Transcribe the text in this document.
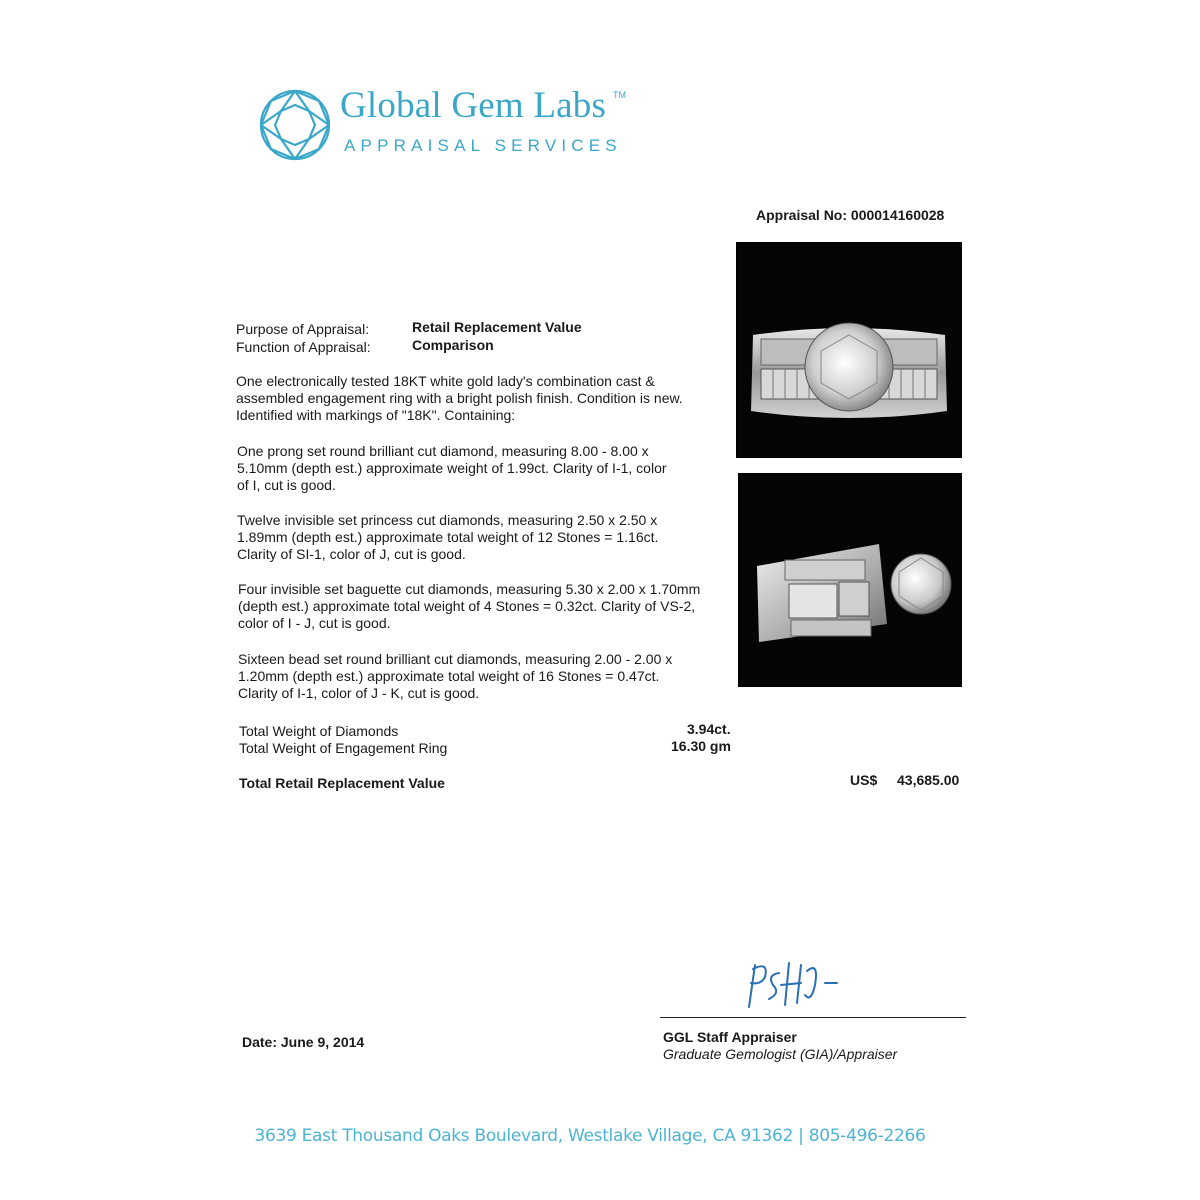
Global Gem Labs TM
APPRAISAL SERVICES
Appraisal No: 000014160028
Purpose of Appraisal:	Retail Replacement Value
Function of Appraisal:	Comparison
One electronically tested 18KT white gold lady's combination cast & assembled engagement ring with a bright polish finish. Condition is new. Identified with markings of "18K". Containing:
One prong set round brilliant cut diamond, measuring 8.00 - 8.00 x 5.10mm (depth est.) approximate weight of 1.99ct. Clarity of I-1, color of I, cut is good.
Twelve invisible set princess cut diamonds, measuring 2.50 x 2.50 x 1.89mm (depth est.) approximate total weight of 12 Stones = 1.16ct. Clarity of SI-1, color of J, cut is good.
Four invisible set baguette cut diamonds, measuring 5.30 x 2.00 x 1.70mm (depth est.) approximate total weight of 4 Stones = 0.32ct. Clarity of VS-2, color of I - J, cut is good.
Sixteen bead set round brilliant cut diamonds, measuring 2.00 - 2.00 x 1.20mm (depth est.) approximate total weight of 16 Stones = 0.47ct. Clarity of I-1, color of J - K, cut is good.
Total Weight of Diamonds	3.94ct.
Total Weight of Engagement Ring	16.30 gm
Total Retail Replacement Value	US$ 43,685.00
GGL Staff Appraiser
Graduate Gemologist (GIA)/Appraiser
Date: June 9, 2014
3639 East Thousand Oaks Boulevard, Westlake Village, CA 91362 | 805-496-2266
